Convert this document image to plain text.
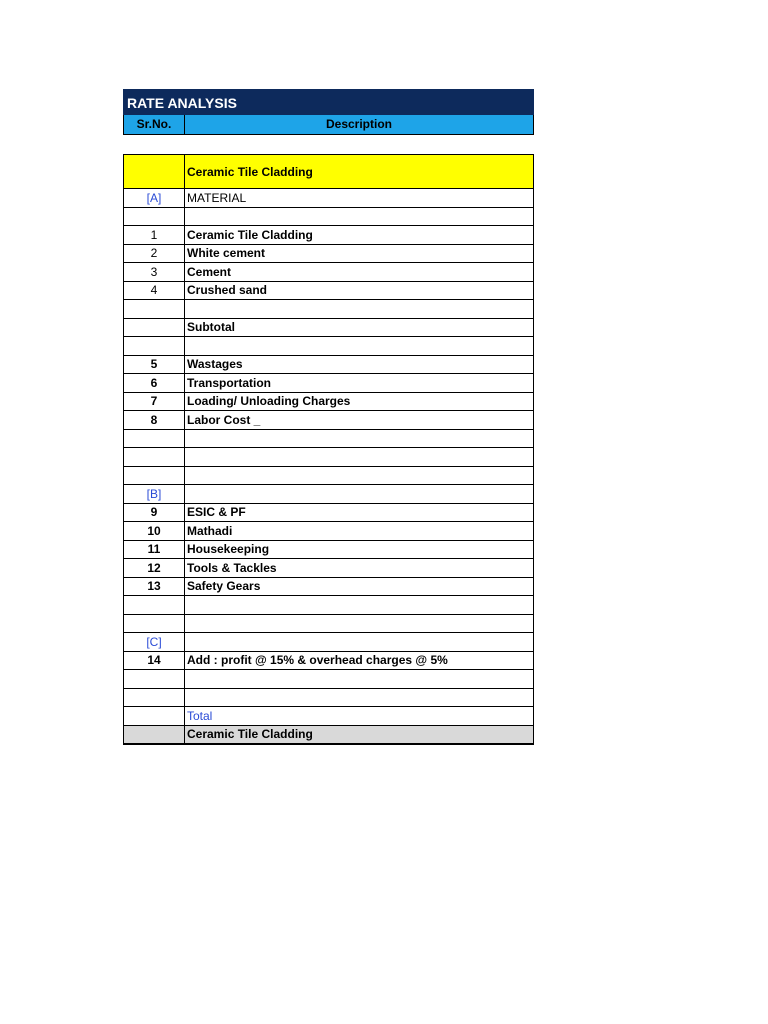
RATE ANALYSIS
Sr.No.	Description
	Ceramic Tile Cladding
[A]	MATERIAL

1	Ceramic Tile Cladding
2	White cement
3	Cement
4	Crushed sand

	Subtotal

5	Wastages
6	Transportation
7	Loading/ Unloading Charges
8	Labor Cost _

[B]	
9	ESIC & PF
10	Mathadi
11	Housekeeping
12	Tools & Tackles
13	Safety Gears

[C]	
14	Add : profit @ 15% & overhead charges @ 5%

	Total
	Ceramic Tile Cladding
